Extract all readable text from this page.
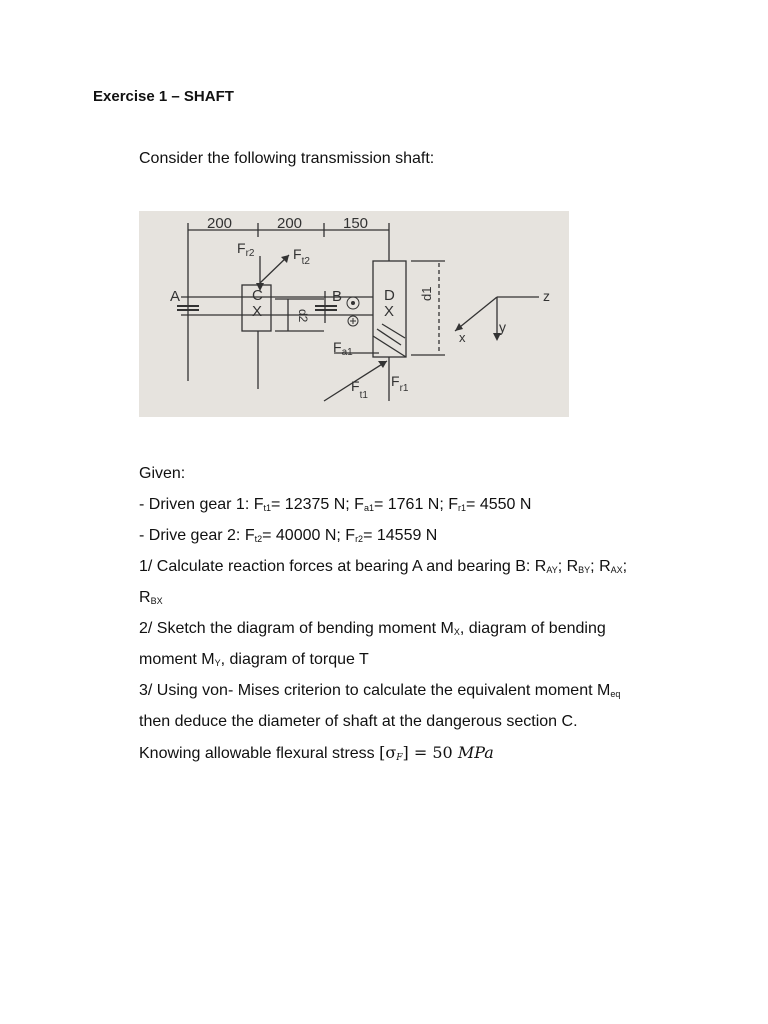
Exercise 1 – SHAFT
Consider the following transmission shaft:
200	200	150
A	B
C	D
X	X
$F_{r2}$	$F_{t2}$
$F_{a1}$
$F_{t1}$
$F_{r1}$
d1
d2
z
y
x
Given:
- Driven gear 1: $F_{t1}= 12375$ N; $F_{a1}= 1761$ N; $F_{r1}= 4550$ N
- Drive gear 2: $F_{t2}= 40000$ N; $F_{r2}= 14559$ N
1/ Calculate reaction forces at bearing A and bearing B: $R_{AY}$; $R_{BY}$; $R_{AX}$;
$R_{BX}$
2/ Sketch the diagram of bending moment $M_X$, diagram of bending
moment $M_Y$, diagram of torque T
3/ Using von- Mises criterion to calculate the equivalent moment $M_{eq}$
then deduce the diameter of shaft at the dangerous section C.
Knowing allowable flexural stress $[\sigma_F] = 50$ MPa
